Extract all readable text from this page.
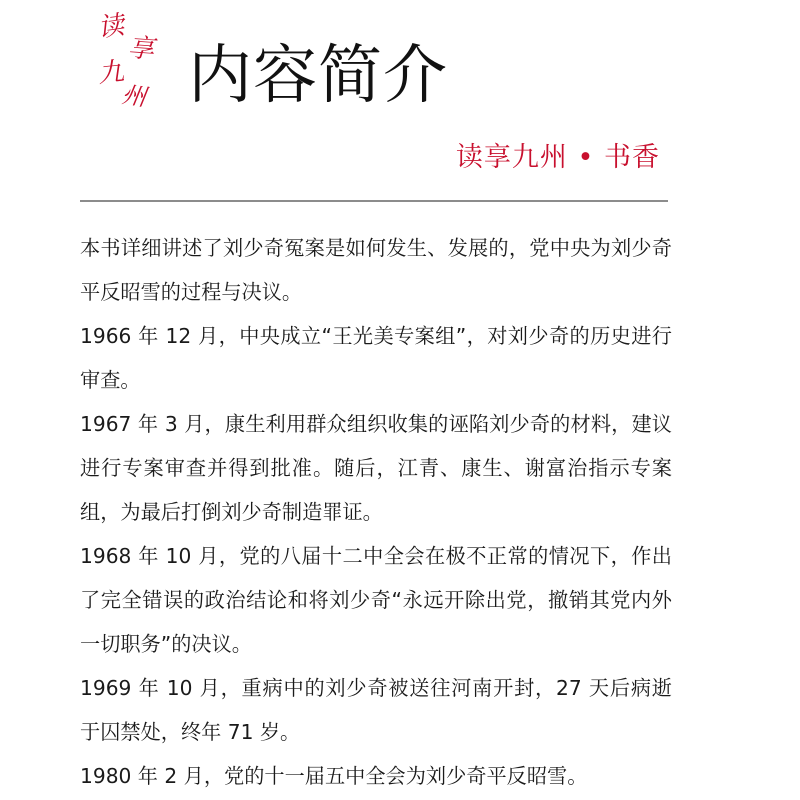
读
享
九
州 内容简介
读享九州 • 书香

本书详细讲述了刘少奇冤案是如何发生、发展的，党中央为刘少奇平反昭雪的过程与决议。

1966 年 12 月，中央成立“王光美专案组”，对刘少奇的历史进行审查。

1967 年 3 月，康生利用群众组织收集的诬陷刘少奇的材料，建议进行专案审查并得到批准。随后，江青、康生、谢富治指示专案组，为最后打倒刘少奇制造罪证。

1968 年 10 月，党的八届十二中全会在极不正常的情况下，作出了完全错误的政治结论和将刘少奇“永远开除出党，撤销其党内外一切职务”的决议。

1969 年 10 月，重病中的刘少奇被送往河南开封，27 天后病逝于囚禁处，终年 71 岁。

1980 年 2 月，党的十一届五中全会为刘少奇平反昭雪。
